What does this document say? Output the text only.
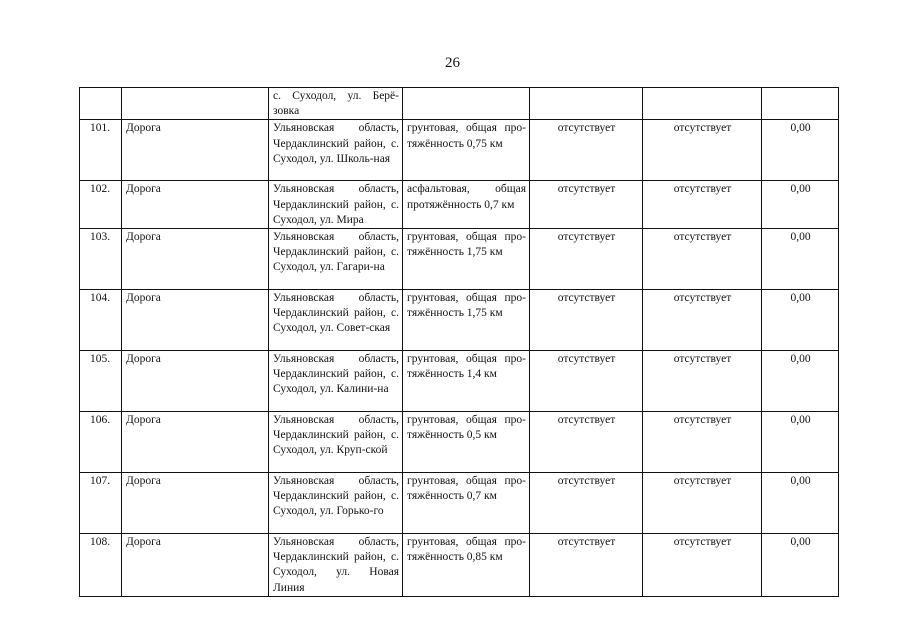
26
		с. Суходол, ул. Берё-зовка				
101.	Дорога	Ульяновская область, Чердаклинский район, с. Суходол, ул. Школь-ная	грунтовая, общая про-тяжённость 0,75 км	отсутствует	отсутствует	0,00
102.	Дорога	Ульяновская область, Чердаклинский район, с. Суходол, ул. Мира	асфальтовая, общая протяжённость 0,7 км	отсутствует	отсутствует	0,00
103.	Дорога	Ульяновская область, Чердаклинский район, с. Суходол, ул. Гагари-на	грунтовая, общая про-тяжённость 1,75 км	отсутствует	отсутствует	0,00
104.	Дорога	Ульяновская область, Чердаклинский район, с. Суходол, ул. Совет-ская	грунтовая, общая про-тяжённость 1,75 км	отсутствует	отсутствует	0,00
105.	Дорога	Ульяновская область, Чердаклинский район, с. Суходол, ул. Калини-на	грунтовая, общая про-тяжённость 1,4 км	отсутствует	отсутствует	0,00
106.	Дорога	Ульяновская область, Чердаклинский район, с. Суходол, ул. Круп-ской	грунтовая, общая про-тяжённость 0,5 км	отсутствует	отсутствует	0,00
107.	Дорога	Ульяновская область, Чердаклинский район, с. Суходол, ул. Горько-го	грунтовая, общая про-тяжённость 0,7 км	отсутствует	отсутствует	0,00
108.	Дорога	Ульяновская область, Чердаклинский район, с. Суходол, ул. Новая Линия	грунтовая, общая про-тяжённость 0,85 км	отсутствует	отсутствует	0,00
